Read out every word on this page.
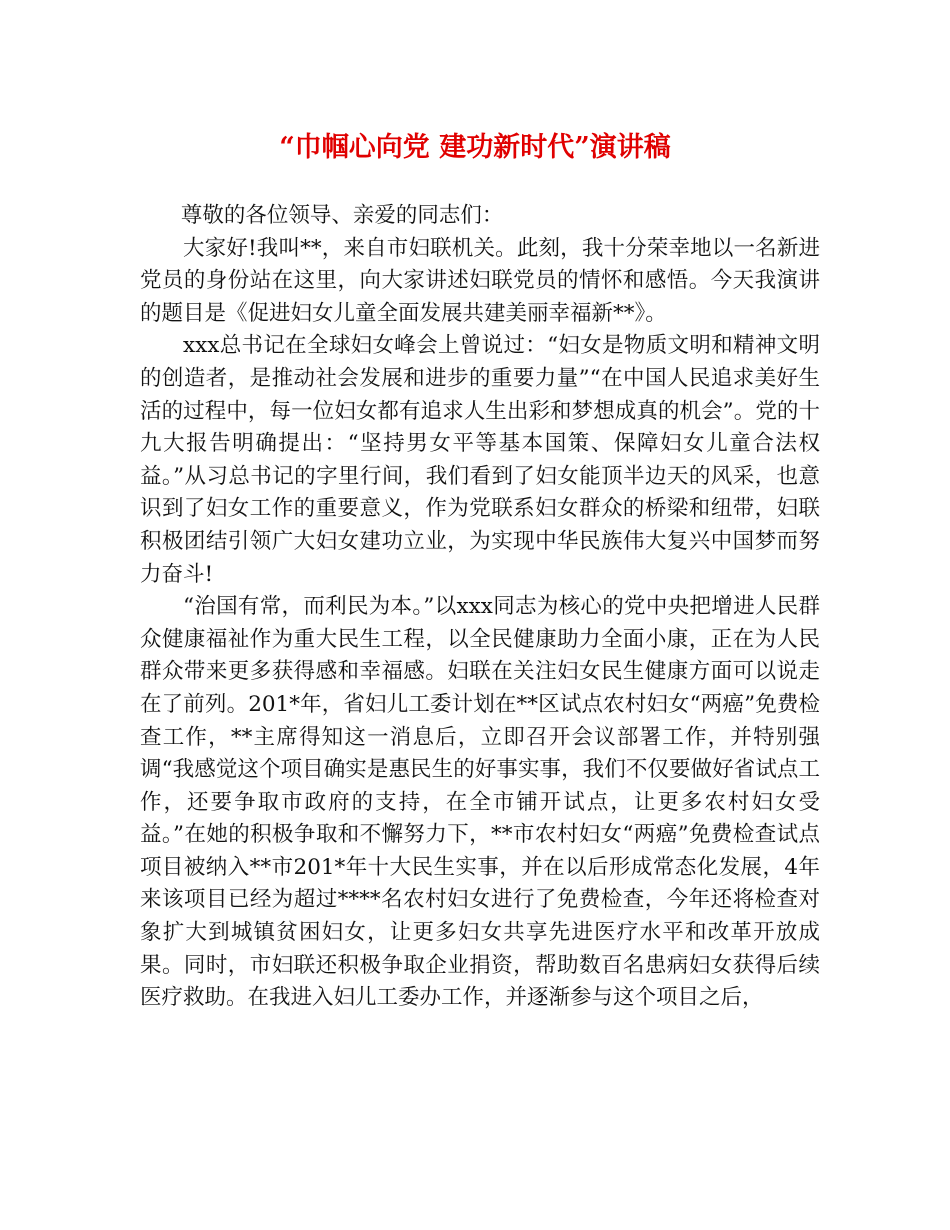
“巾帼心向党 建功新时代”演讲稿

尊敬的各位领导、亲爱的同志们：

大家好!我叫**，来自市妇联机关。此刻，我十分荣幸地以一名新进党员的身份站在这里，向大家讲述妇联党员的情怀和感悟。今天我演讲的题目是《促进妇女儿童全面发展共建美丽幸福新**》。

xxx总书记在全球妇女峰会上曾说过：“妇女是物质文明和精神文明的创造者，是推动社会发展和进步的重要力量”“在中国人民追求美好生活的过程中，每一位妇女都有追求人生出彩和梦想成真的机会”。党的十九大报告明确提出：“坚持男女平等基本国策、保障妇女儿童合法权益。”从习总书记的字里行间，我们看到了妇女能顶半边天的风采，也意识到了妇女工作的重要意义，作为党联系妇女群众的桥梁和纽带，妇联积极团结引领广大妇女建功立业，为实现中华民族伟大复兴中国梦而努力奋斗!

“治国有常，而利民为本。”以xxx同志为核心的党中央把增进人民群众健康福祉作为重大民生工程，以全民健康助力全面小康，正在为人民群众带来更多获得感和幸福感。妇联在关注妇女民生健康方面可以说走在了前列。201*年，省妇儿工委计划在**区试点农村妇女“两癌”免费检查工作，**主席得知这一消息后，立即召开会议部署工作，并特别强调“我感觉这个项目确实是惠民生的好事实事，我们不仅要做好省试点工作，还要争取市政府的支持，在全市铺开试点，让更多农村妇女受益。”在她的积极争取和不懈努力下，**市农村妇女“两癌”免费检查试点项目被纳入**市201*年十大民生实事，并在以后形成常态化发展，4年来该项目已经为超过****名农村妇女进行了免费检查，今年还将检查对象扩大到城镇贫困妇女，让更多妇女共享先进医疗水平和改革开放成果。同时，市妇联还积极争取企业捐资，帮助数百名患病妇女获得后续医疗救助。在我进入妇儿工委办工作，并逐渐参与这个项目之后，
